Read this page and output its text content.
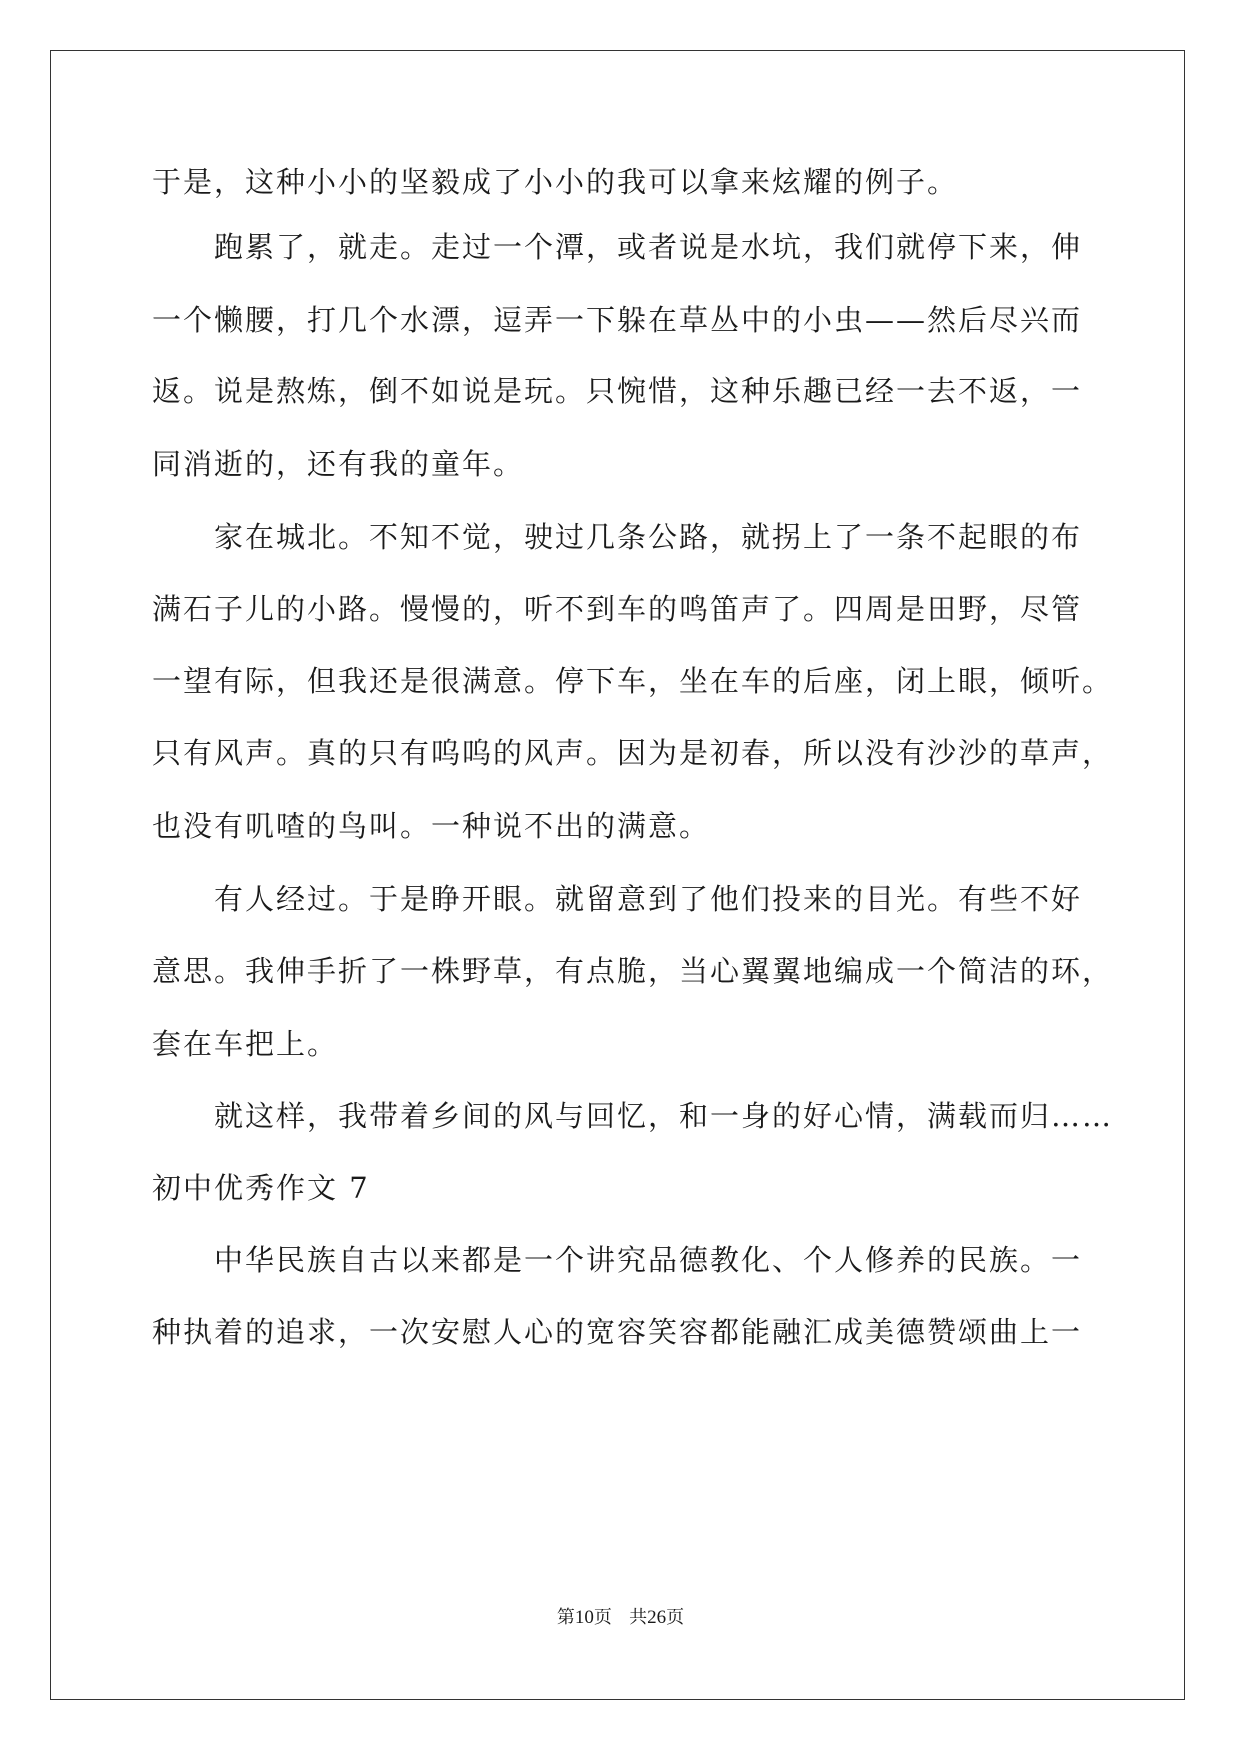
于是，这种小小的坚毅成了小小的我可以拿来炫耀的例子。
跑累了，就走。走过一个潭，或者说是水坑，我们就停下来，伸
一个懒腰，打几个水漂，逗弄一下躲在草丛中的小虫——然后尽兴而
返。说是熬炼，倒不如说是玩。只惋惜，这种乐趣已经一去不返，一
同消逝的，还有我的童年。
家在城北。不知不觉，驶过几条公路，就拐上了一条不起眼的布
满石子儿的小路。慢慢的，听不到车的鸣笛声了。四周是田野，尽管
一望有际，但我还是很满意。停下车，坐在车的后座，闭上眼，倾听。
只有风声。真的只有呜呜的风声。因为是初春，所以没有沙沙的草声，
也没有叽喳的鸟叫。一种说不出的满意。
有人经过。于是睁开眼。就留意到了他们投来的目光。有些不好
意思。我伸手折了一株野草，有点脆，当心翼翼地编成一个简洁的环，
套在车把上。
就这样，我带着乡间的风与回忆，和一身的好心情，满载而归……
初中优秀作文 7
中华民族自古以来都是一个讲究品德教化、个人修养的民族。一
种执着的追求，一次安慰人心的宽容笑容都能融汇成美德赞颂曲上一
第10页 共26页
